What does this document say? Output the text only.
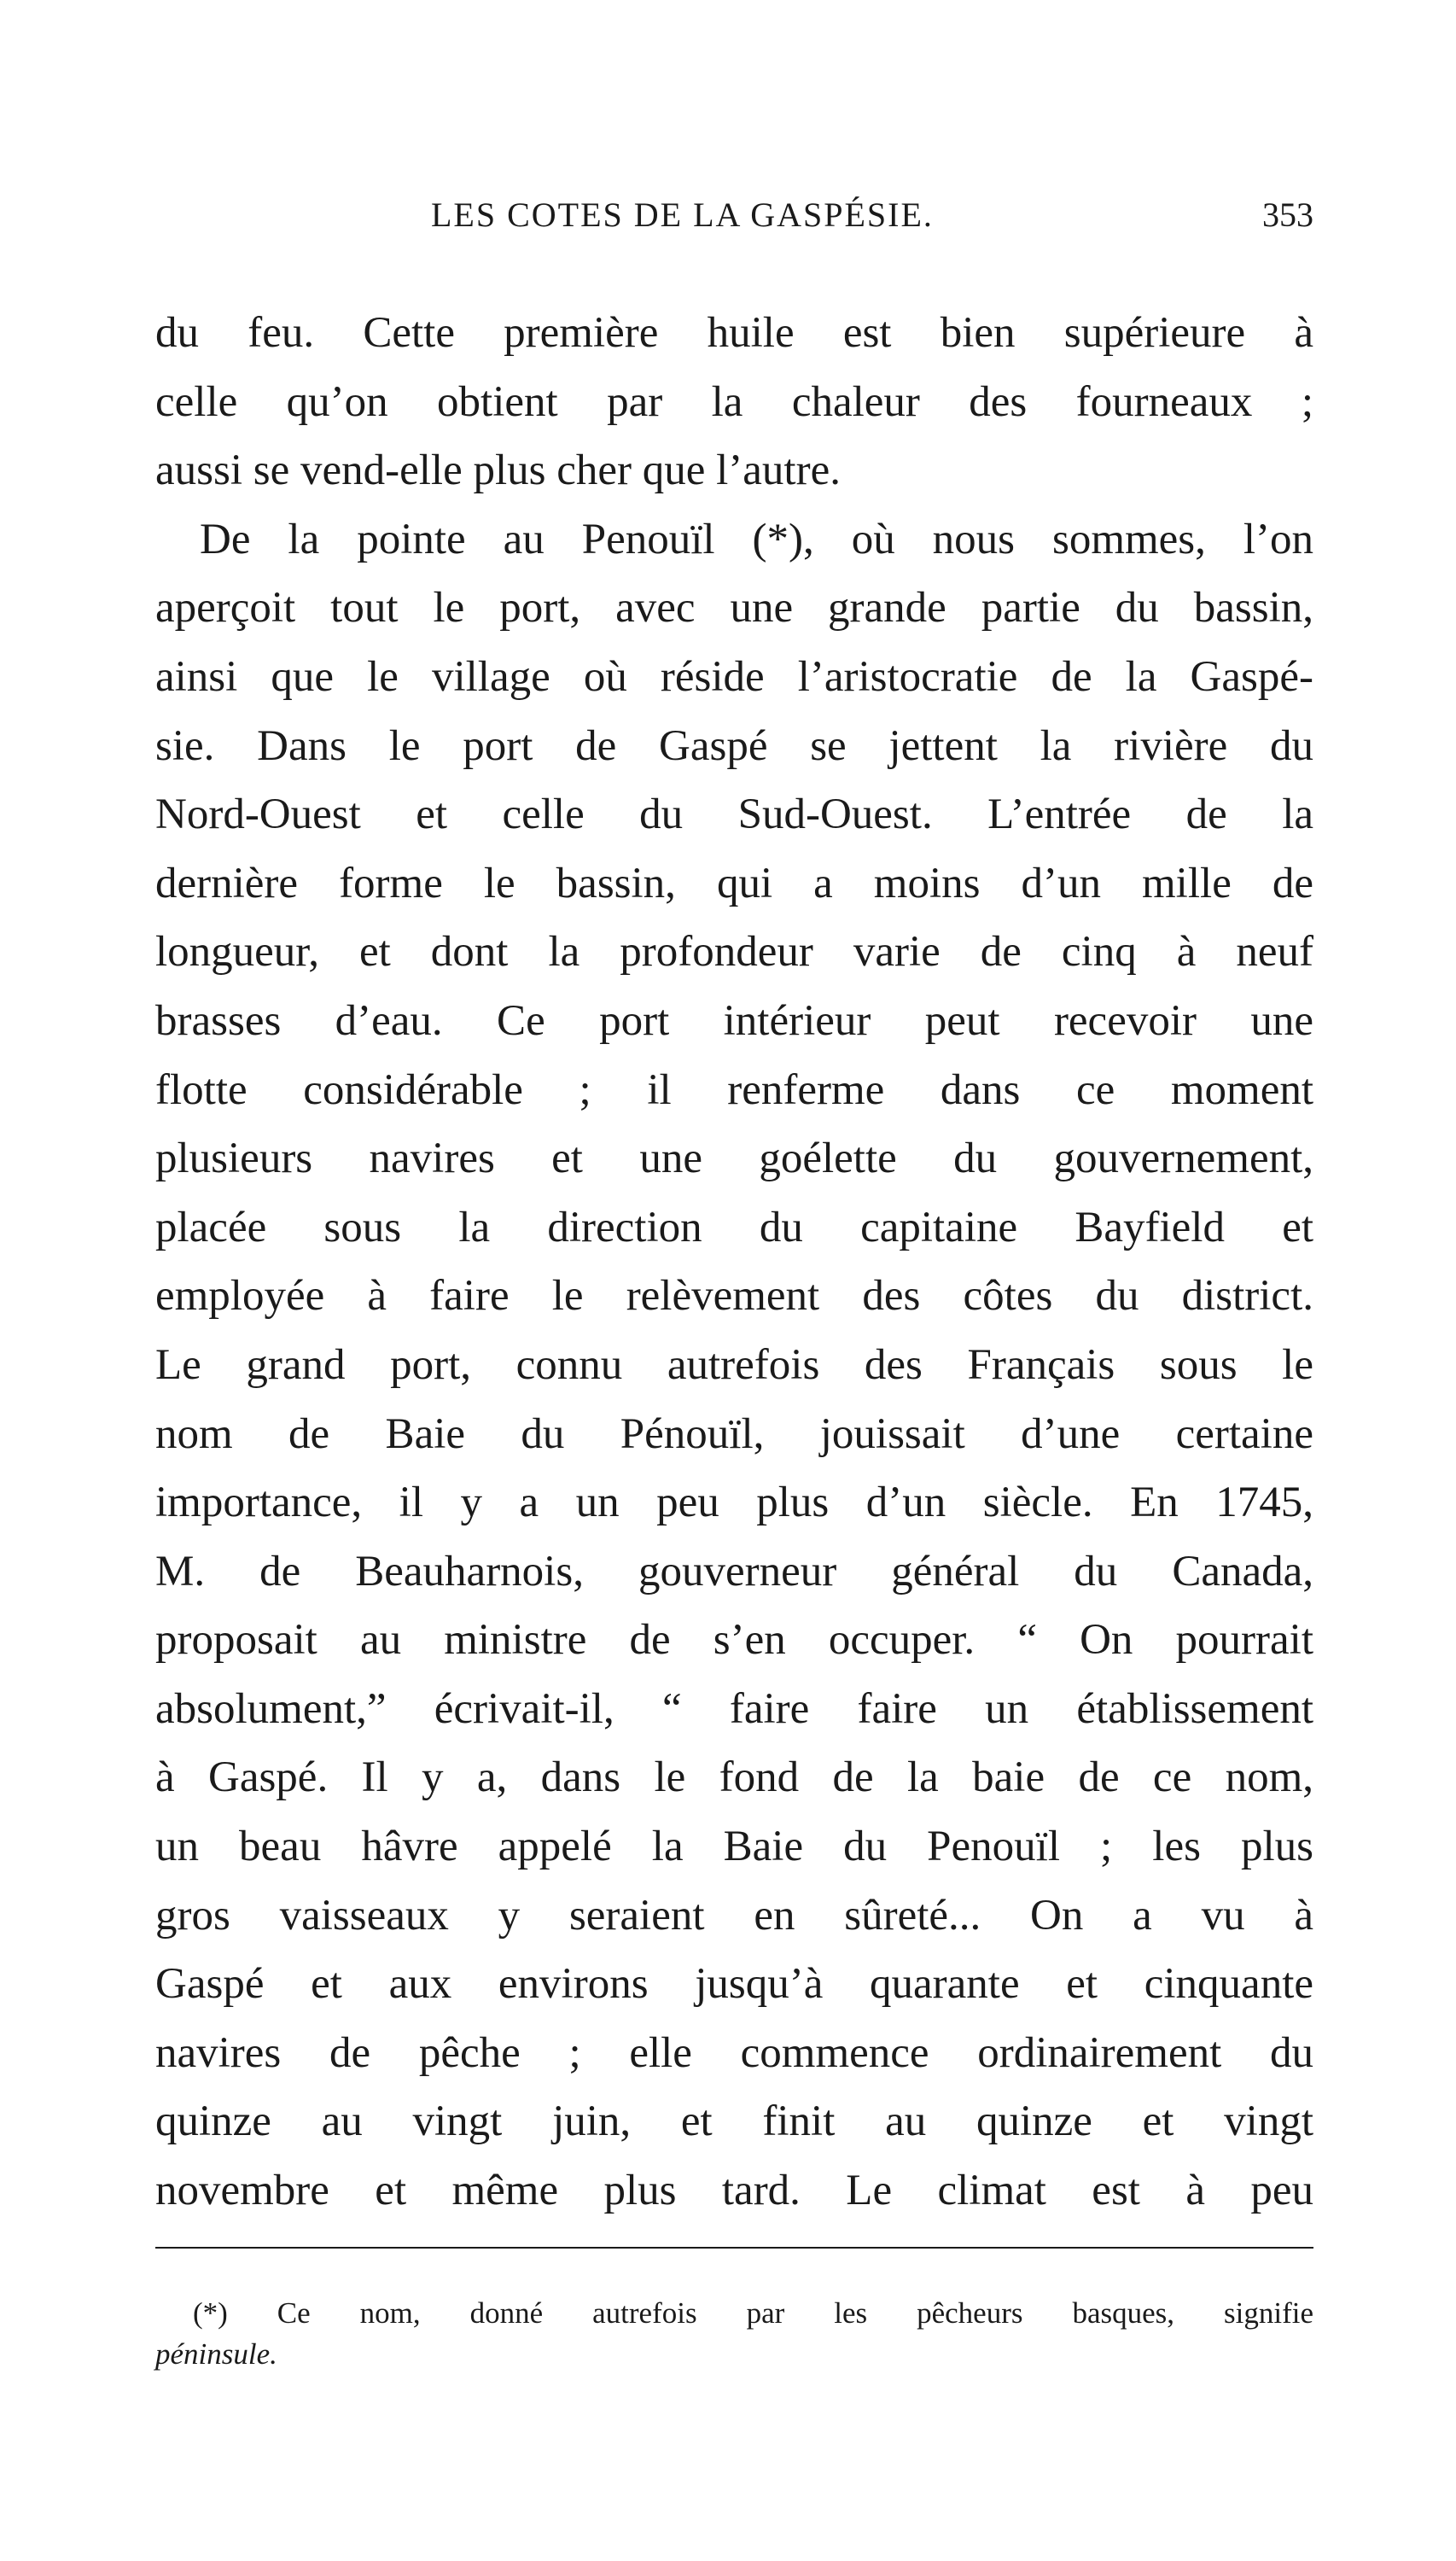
LES COTES DE LA GASPÉSIE.	353
du feu. Cette première huile est bien supérieure à
celle qu’on obtient par la chaleur des fourneaux ;
aussi se vend-elle plus cher que l’autre.
De la pointe au Penouïl (*), où nous sommes, l’on
aperçoit tout le port, avec une grande partie du bassin,
ainsi que le village où réside l’aristocratie de la Gaspé-
sie. Dans le port de Gaspé se jettent la rivière du
Nord-Ouest et celle du Sud-Ouest. L’entrée de la
dernière forme le bassin, qui a moins d’un mille de
longueur, et dont la profondeur varie de cinq à neuf
brasses d’eau. Ce port intérieur peut recevoir une
flotte considérable ; il renferme dans ce moment
plusieurs navires et une goélette du gouvernement,
placée sous la direction du capitaine Bayfield et
employée à faire le relèvement des côtes du district.
Le grand port, connu autrefois des Français sous le
nom de Baie du Pénouïl, jouissait d’une certaine
importance, il y a un peu plus d’un siècle. En 1745,
M. de Beauharnois, gouverneur général du Canada,
proposait au ministre de s’en occuper. “ On pourrait
absolument,” écrivait-il, “ faire faire un établissement
à Gaspé. Il y a, dans le fond de la baie de ce nom,
un beau hâvre appelé la Baie du Penouïl ; les plus
gros vaisseaux y seraient en sûreté... On a vu à
Gaspé et aux environs jusqu’à quarante et cinquante
navires de pêche ; elle commence ordinairement du
quinze au vingt juin, et finit au quinze et vingt
novembre et même plus tard. Le climat est à peu
(*) Ce nom, donné autrefois par les pêcheurs basques, signifie
péninsule.
